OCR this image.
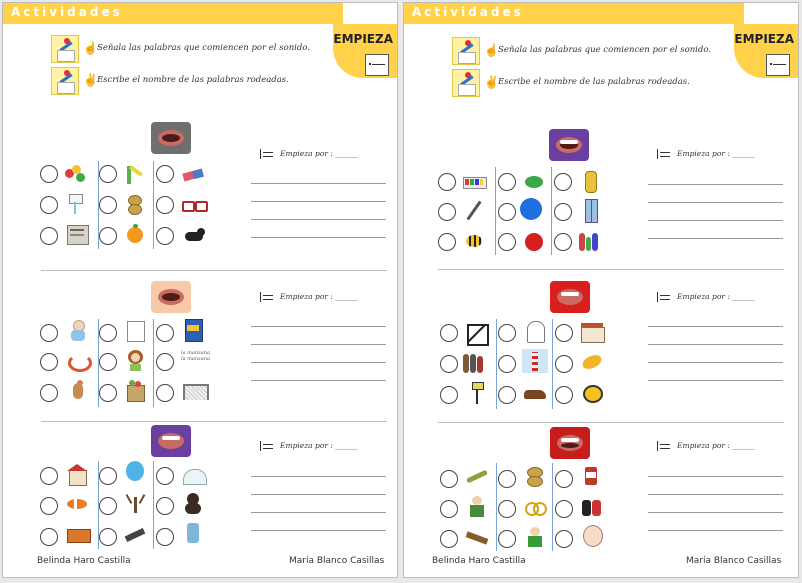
Actividades
EMPIEZA
☝ Señala las palabras que comiencen por el sonido.
✌ Escribe el nombre de las palabras rodeadas.
Empieza por : ______
la manzana
la manzana
Empieza por : ______
Empieza por : ______
Belinda Haro Castilla	María Blanco Casillas
Actividades
EMPIEZA
☝ Señala las palabras que comiencen por el sonido.
✌ Escribe el nombre de las palabras rodeadas.
Empieza por : ______
Empieza por : ______
Empieza por : ______
Belinda Haro Castilla	María Blanco Casillas
